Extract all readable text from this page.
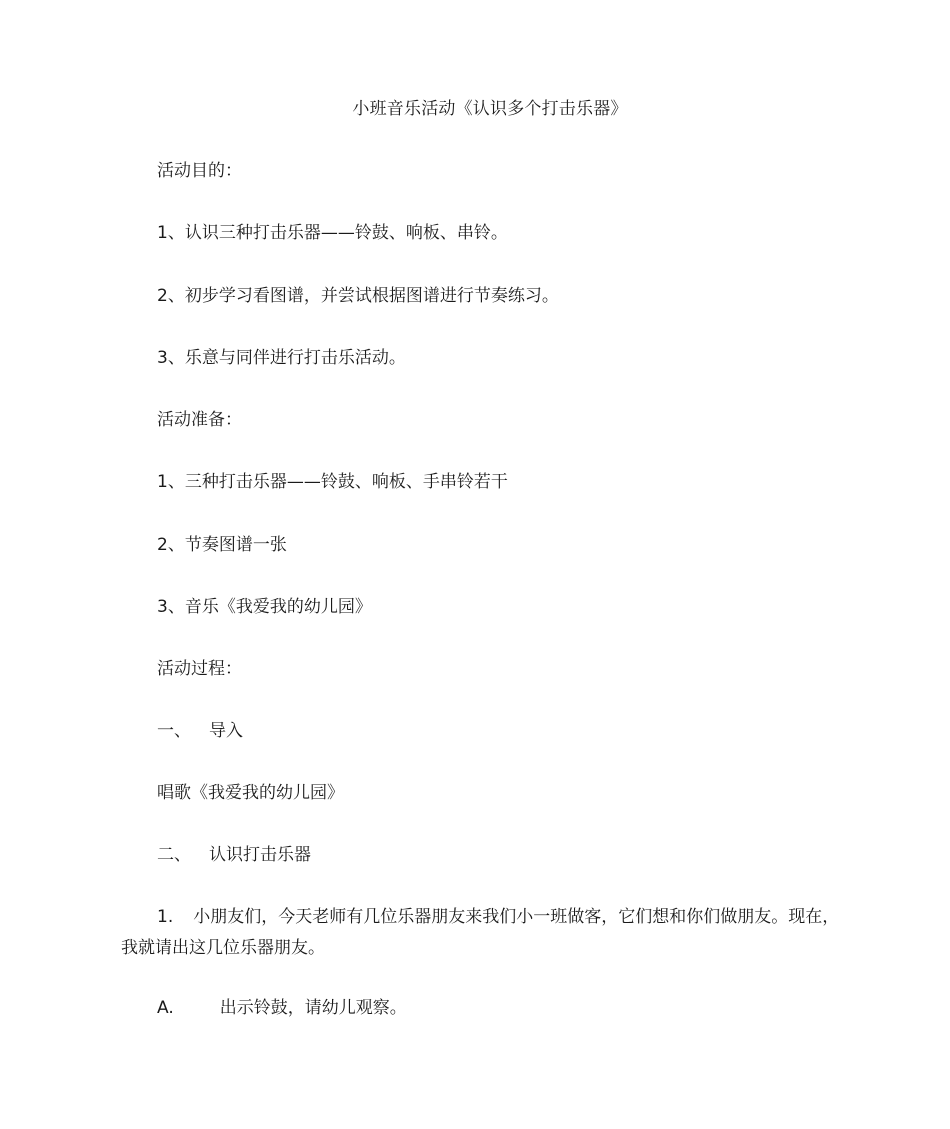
小班音乐活动《认识多个打击乐器》
活动目的：
1、认识三种打击乐器——铃鼓、响板、串铃。
2、初步学习看图谱，并尝试根据图谱进行节奏练习。
3、乐意与同伴进行打击乐活动。
活动准备：
1、三种打击乐器——铃鼓、响板、手串铃若干
2、节奏图谱一张
3、音乐《我爱我的幼儿园》
活动过程：
一、 导入
唱歌《我爱我的幼儿园》
二、 认识打击乐器
1. 小朋友们，今天老师有几位乐器朋友来我们小一班做客，它们想和你们做朋友。现在，我就请出这几位乐器朋友。
A.	出示铃鼓，请幼儿观察。
